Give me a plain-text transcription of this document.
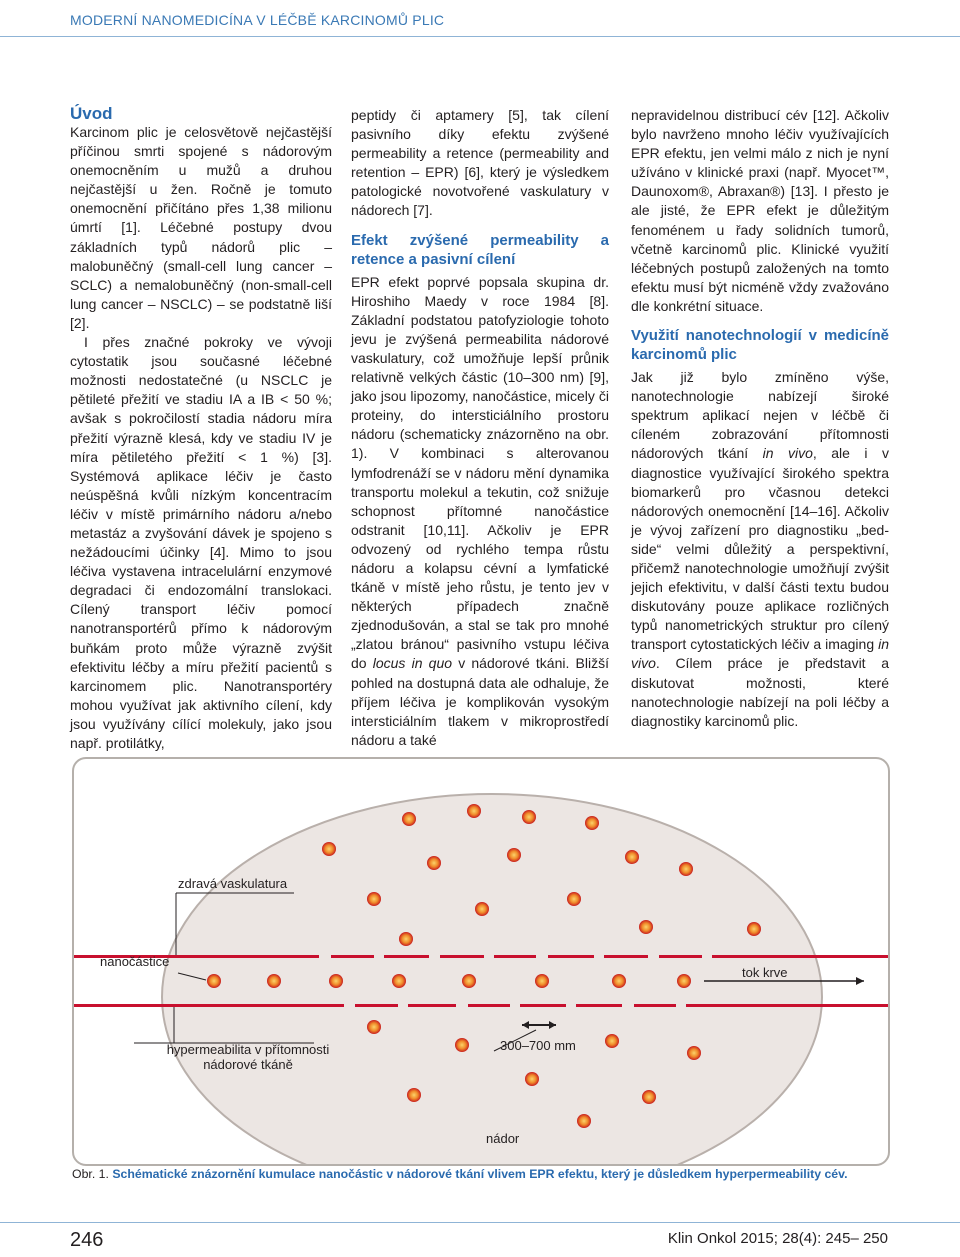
MODERNÍ NANOMEDICÍNA V LÉČBĚ KARCINOMŮ PLIC
Úvod

Karcinom plic je celosvětově nejčastější příčinou smrti spojené s nádorovým onemocněním u mužů a druhou nejčastější u žen. Ročně je tomuto onemocnění přičítáno přes 1,38 milionu úmrtí [1]. Léčebné postupy dvou základních typů nádorů plic – malobuněčný (small-cell lung cancer – SCLC) a nemalobuněčný (non-small-cell lung cancer – NSCLC) – se podstatně liší [2].

I přes značné pokroky ve vývoji cytostatik jsou současné léčebné možnosti nedostatečné (u NSCLC je pětileté přežití ve stadiu IA a IB < 50 %; avšak s pokročilostí stadia nádoru míra přežití výrazně klesá, kdy ve stadiu IV je míra pětiletého přežití < 1 %) [3]. Systémová aplikace léčiv je často neúspěšná kvůli nízkým koncentracím léčiv v místě primárního nádoru a/nebo metastáz a zvyšování dávek je spojeno s nežádoucími účinky [4]. Mimo to jsou léčiva vystavena intracelulární enzymové degradaci či endozomální translokaci. Cílený transport léčiv pomocí nanotransportérů přímo k nádorovým buňkám proto může výrazně zvýšit efektivitu léčby a míru přežití pacientů s karcinomem plic. Nanotransportéry mohou využívat jak aktivního cílení, kdy jsou využívány cílící molekuly, jako jsou např. protilátky,

peptidy či aptamery [5], tak cílení pasivního díky efektu zvýšené permeability a retence (permeability and retention – EPR) [6], který je výsledkem patologické novotvořené vaskulatury v nádorech [7].

Efekt zvýšené permeability a retence a pasivní cílení

EPR efekt poprvé popsala skupina dr. Hiroshiho Maedy v roce 1984 [8]. Základní podstatou patofyziologie tohoto jevu je zvýšená permeabilita nádorové vaskulatury, což umožňuje lepší průnik relativně velkých částic (10–300 nm) [9], jako jsou lipozomy, nanočástice, micely či proteiny, do intersticiálního prostoru nádoru (schematicky znázorněno na obr. 1). V kombinaci s alterovanou lymfodrenáží se v nádoru mění dynamika transportu molekul a tekutin, což snižuje schopnost přítomné nanočástice odstranit [10,11]. Ačkoliv je EPR odvozený od rychlého tempa růstu nádoru a kolapsu cévní a lymfatické tkáně v místě jeho růstu, je tento jev v některých případech značně zjednodušován, a stal se tak pro mnohé „zlatou bránou“ pasivního vstupu léčiva do locus in quo v nádorové tkáni. Bližší pohled na dostupná data ale odhaluje, že příjem léčiva je komplikován vysokým intersticiálním tlakem v mikroprostředí nádoru a také

nepravidelnou distribucí cév [12]. Ačkoliv bylo navrženo mnoho léčiv využívajících EPR efektu, jen velmi málo z nich je nyní užíváno v klinické praxi (např. Myocet™, Daunoxom®, Abraxan®) [13]. I přesto je ale jisté, že EPR efekt je důležitým fenoménem u řady solidních tumorů, včetně karcinomů plic. Klinické využití léčebných postupů založených na tomto efektu musí být nicméně vždy zvažováno dle konkrétní situace.

Využití nanotechnologií v medicíně karcinomů plic

Jak již bylo zmíněno výše, nanotechnologie nabízejí široké spektrum aplikací nejen v léčbě či cíleném zobrazování přítomnosti nádorových tkání in vivo, ale i v diagnostice využívající širokého spektra biomarkerů pro včasnou detekci nádorových onemocnění [14–16]. Ačkoliv je vývoj zařízení pro diagnostiku „bed-side“ velmi důležitý a perspektivní, přičemž nanotechnologie umožňují zvýšit jejich efektivitu, v další části textu budou diskutovány pouze aplikace rozličných typů nanometrických struktur pro cílený transport cytostatických léčiv a imaging in vivo. Cílem práce je představit a diskutovat možnosti, které nanotechnologie nabízejí na poli léčby a diagnostiky karcinomů plic.

zdravá vaskulatura
nanočástice
tok krve
hypermeabilita v přítomnosti
nádorové tkáně
300–700 mm
nádor
Obr. 1. Schématické znázornění kumulace nanočástic v nádorové tkání vlivem EPR efektu, který je důsledkem hyperpermeability cév.
246	Klin Onkol 2015; 28(4): 245– 250
